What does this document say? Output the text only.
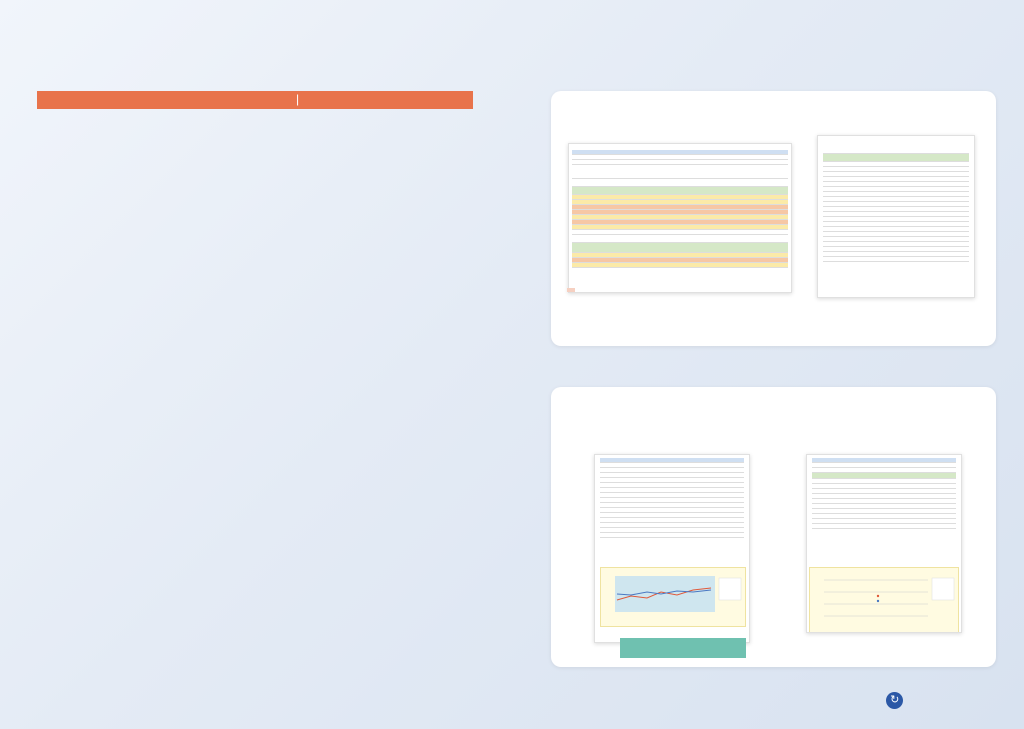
|
↻
